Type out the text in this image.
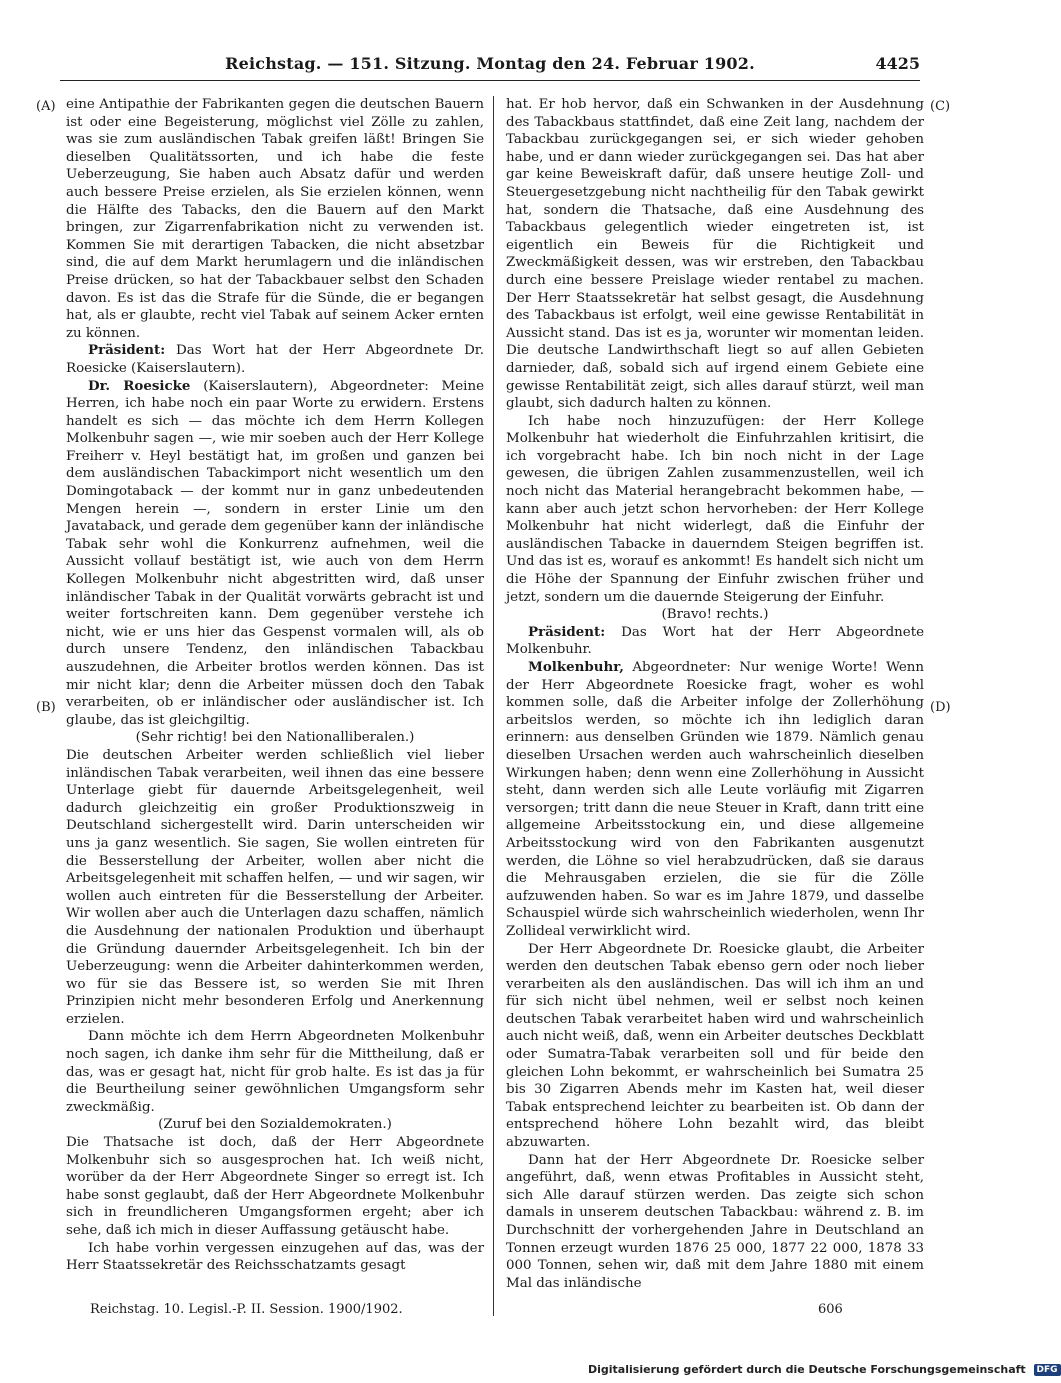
Reichstag. — 151. Sitzung. Montag den 24. Februar 1902.	4425
(A)
(B)
(C)
(D)

eine Antipathie der Fabrikanten gegen die deutschen Bauern ist oder eine Begeisterung, möglichst viel Zölle zu zahlen, was sie zum ausländischen Tabak greifen läßt! Bringen Sie dieselben Qualitätssorten, und ich habe die feste Ueberzeugung, Sie haben auch Absatz dafür und werden auch bessere Preise erzielen, als Sie erzielen können, wenn die Hälfte des Tabacks, den die Bauern auf den Markt bringen, zur Zigarrenfabrikation nicht zu verwenden ist. Kommen Sie mit derartigen Tabacken, die nicht absetzbar sind, die auf dem Markt herumlagern und die inländischen Preise drücken, so hat der Tabackbauer selbst den Schaden davon. Es ist das die Strafe für die Sünde, die er begangen hat, als er glaubte, recht viel Tabak auf seinem Acker ernten zu können.

Präsident: Das Wort hat der Herr Abgeordnete Dr. Roesicke (Kaiserslautern).

Dr. Roesicke (Kaiserslautern), Abgeordneter: Meine Herren, ich habe noch ein paar Worte zu erwidern. Erstens handelt es sich — das möchte ich dem Herrn Kollegen Molkenbuhr sagen —, wie mir soeben auch der Herr Kollege Freiherr v. Heyl bestätigt hat, im großen und ganzen bei dem ausländischen Tabackimport nicht wesentlich um den Domingotaback — der kommt nur in ganz unbedeutenden Mengen herein —, sondern in erster Linie um den Javataback, und gerade dem gegenüber kann der inländische Tabak sehr wohl die Konkurrenz aufnehmen, weil die Aussicht vollauf bestätigt ist, wie auch von dem Herrn Kollegen Molkenbuhr nicht abgestritten wird, daß unser inländischer Tabak in der Qualität vorwärts gebracht ist und weiter fortschreiten kann. Dem gegenüber verstehe ich nicht, wie er uns hier das Gespenst vormalen will, als ob durch unsere Tendenz, den inländischen Tabackbau auszudehnen, die Arbeiter brotlos werden können. Das ist mir nicht klar; denn die Arbeiter müssen doch den Tabak verarbeiten, ob er inländischer oder ausländischer ist. Ich glaube, das ist gleichgiltig.

(Sehr richtig! bei den Nationalliberalen.)

Die deutschen Arbeiter werden schließlich viel lieber inländischen Tabak verarbeiten, weil ihnen das eine bessere Unterlage giebt für dauernde Arbeitsgelegenheit, weil dadurch gleichzeitig ein großer Produktionszweig in Deutschland sichergestellt wird. Darin unterscheiden wir uns ja ganz wesentlich. Sie sagen, Sie wollen eintreten für die Besserstellung der Arbeiter, wollen aber nicht die Arbeitsgelegenheit mit schaffen helfen, — und wir sagen, wir wollen auch eintreten für die Besserstellung der Arbeiter. Wir wollen aber auch die Unterlagen dazu schaffen, nämlich die Ausdehnung der nationalen Produktion und überhaupt die Gründung dauernder Arbeitsgelegenheit. Ich bin der Ueberzeugung: wenn die Arbeiter dahinterkommen werden, wo für sie das Bessere ist, so werden Sie mit Ihren Prinzipien nicht mehr besonderen Erfolg und Anerkennung erzielen.

Dann möchte ich dem Herrn Abgeordneten Molkenbuhr noch sagen, ich danke ihm sehr für die Mittheilung, daß er das, was er gesagt hat, nicht für grob halte. Es ist das ja für die Beurtheilung seiner gewöhnlichen Umgangsform sehr zweckmäßig.

(Zuruf bei den Sozialdemokraten.)

Die Thatsache ist doch, daß der Herr Abgeordnete Molkenbuhr sich so ausgesprochen hat. Ich weiß nicht, worüber da der Herr Abgeordnete Singer so erregt ist. Ich habe sonst geglaubt, daß der Herr Abgeordnete Molkenbuhr sich in freundlicheren Umgangsformen ergeht; aber ich sehe, daß ich mich in dieser Auffassung getäuscht habe.

Ich habe vorhin vergessen einzugehen auf das, was der Herr Staatssekretär des Reichsschatzamts gesagt

hat. Er hob hervor, daß ein Schwanken in der Ausdehnung des Tabackbaus stattfindet, daß eine Zeit lang, nachdem der Tabackbau zurückgegangen sei, er sich wieder gehoben habe, und er dann wieder zurückgegangen sei. Das hat aber gar keine Beweiskraft dafür, daß unsere heutige Zoll- und Steuergesetzgebung nicht nachtheilig für den Tabak gewirkt hat, sondern die Thatsache, daß eine Ausdehnung des Tabackbaus gelegentlich wieder eingetreten ist, ist eigentlich ein Beweis für die Richtigkeit und Zweckmäßigkeit dessen, was wir erstreben, den Tabackbau durch eine bessere Preislage wieder rentabel zu machen. Der Herr Staatssekretär hat selbst gesagt, die Ausdehnung des Tabackbaus ist erfolgt, weil eine gewisse Rentabilität in Aussicht stand. Das ist es ja, worunter wir momentan leiden. Die deutsche Landwirthschaft liegt so auf allen Gebieten darnieder, daß, sobald sich auf irgend einem Gebiete eine gewisse Rentabilität zeigt, sich alles darauf stürzt, weil man glaubt, sich dadurch halten zu können.

Ich habe noch hinzuzufügen: der Herr Kollege Molkenbuhr hat wiederholt die Einfuhrzahlen kritisirt, die ich vorgebracht habe. Ich bin noch nicht in der Lage gewesen, die übrigen Zahlen zusammenzustellen, weil ich noch nicht das Material herangebracht bekommen habe, — kann aber auch jetzt schon hervorheben: der Herr Kollege Molkenbuhr hat nicht widerlegt, daß die Einfuhr der ausländischen Tabacke in dauerndem Steigen begriffen ist. Und das ist es, worauf es ankommt! Es handelt sich nicht um die Höhe der Spannung der Einfuhr zwischen früher und jetzt, sondern um die dauernde Steigerung der Einfuhr.

(Bravo! rechts.)

Präsident: Das Wort hat der Herr Abgeordnete Molkenbuhr.

Molkenbuhr, Abgeordneter: Nur wenige Worte! Wenn der Herr Abgeordnete Roesicke fragt, woher es wohl kommen solle, daß die Arbeiter infolge der Zollerhöhung arbeitslos werden, so möchte ich ihn lediglich daran erinnern: aus denselben Gründen wie 1879. Nämlich genau dieselben Ursachen werden auch wahrscheinlich dieselben Wirkungen haben; denn wenn eine Zollerhöhung in Aussicht steht, dann werden sich alle Leute vorläufig mit Zigarren versorgen; tritt dann die neue Steuer in Kraft, dann tritt eine allgemeine Arbeitsstockung ein, und diese allgemeine Arbeitsstockung wird von den Fabrikanten ausgenutzt werden, die Löhne so viel herabzudrücken, daß sie daraus die Mehrausgaben erzielen, die sie für die Zölle aufzuwenden haben. So war es im Jahre 1879, und dasselbe Schauspiel würde sich wahrscheinlich wiederholen, wenn Ihr Zollideal verwirklicht wird.

Der Herr Abgeordnete Dr. Roesicke glaubt, die Arbeiter werden den deutschen Tabak ebenso gern oder noch lieber verarbeiten als den ausländischen. Das will ich ihm an und für sich nicht übel nehmen, weil er selbst noch keinen deutschen Tabak verarbeitet haben wird und wahrscheinlich auch nicht weiß, daß, wenn ein Arbeiter deutsches Deckblatt oder Sumatra-Tabak verarbeiten soll und für beide den gleichen Lohn bekommt, er wahrscheinlich bei Sumatra 25 bis 30 Zigarren Abends mehr im Kasten hat, weil dieser Tabak entsprechend leichter zu bearbeiten ist. Ob dann der entsprechend höhere Lohn bezahlt wird, das bleibt abzuwarten.

Dann hat der Herr Abgeordnete Dr. Roesicke selber angeführt, daß, wenn etwas Profitables in Aussicht steht, sich Alle darauf stürzen werden. Das zeigte sich schon damals in unserem deutschen Tabackbau: während z. B. im Durchschnitt der vorhergehenden Jahre in Deutschland an Tonnen erzeugt wurden 1876 25 000, 1877 22 000, 1878 33 000 Tonnen, sehen wir, daß mit dem Jahre 1880 mit einem Mal das inländische

Reichstag. 10. Legisl.-P. II. Session. 1900/1902.	606
Digitalisierung gefördert durch die Deutsche Forschungsgemeinschaft DFG
